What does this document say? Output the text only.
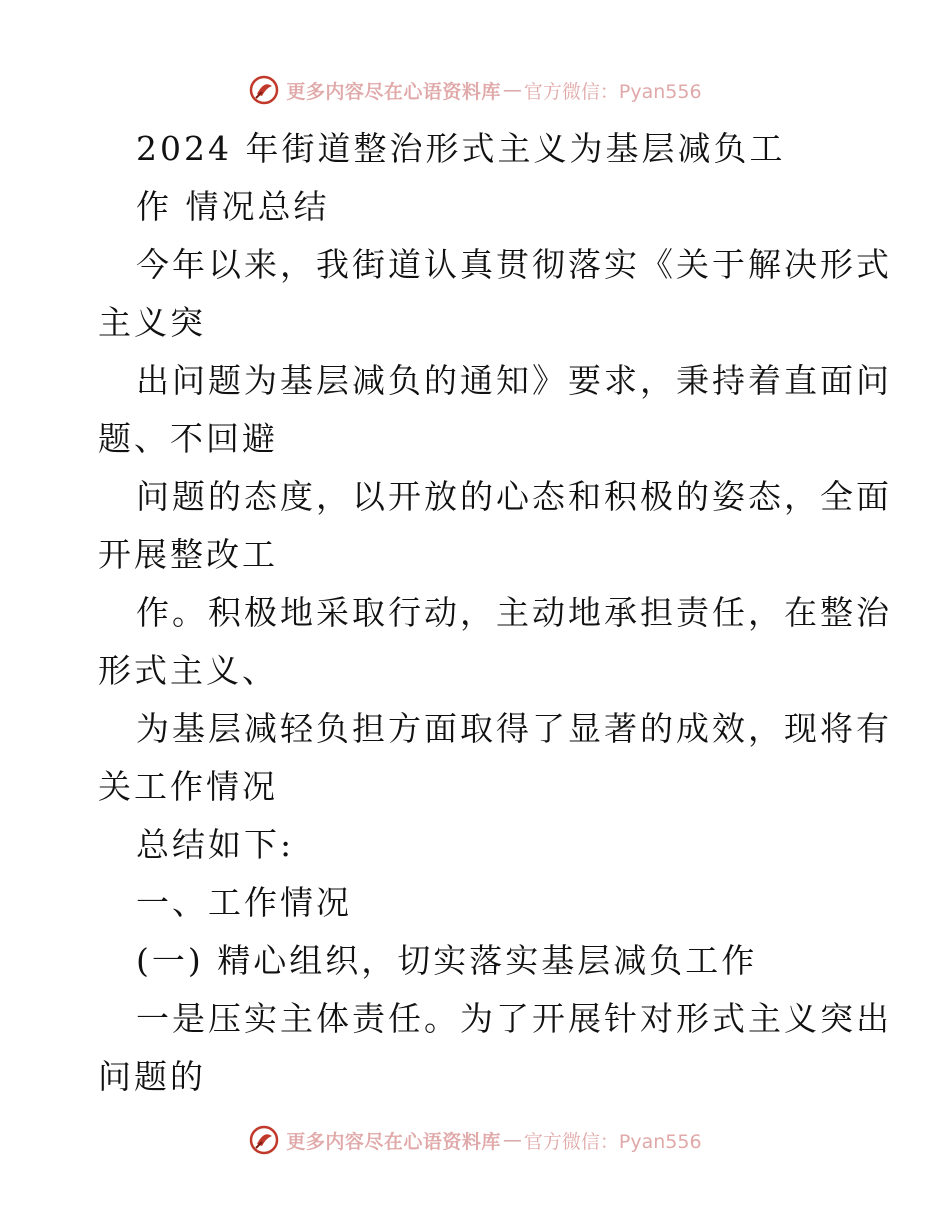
更多内容尽在心语资料库 — 官方微信：Pyan556
2024 年街道整治形式主义为基层减负工
作 情况总结
今年以来，我街道认真贯彻落实《关于解决形式
主义突
出问题为基层减负的通知》要求，秉持着直面问
题、不回避
问题的态度，以开放的心态和积极的姿态，全面
开展整改工
作。积极地采取行动，主动地承担责任，在整治
形式主义、
为基层减轻负担方面取得了显著的成效，现将有
关工作情况
总结如下:
一、工作情况
(一) 精心组织，切实落实基层减负工作
一是压实主体责任。为了开展针对形式主义突出
问题的
更多内容尽在心语资料库 — 官方微信：Pyan556
